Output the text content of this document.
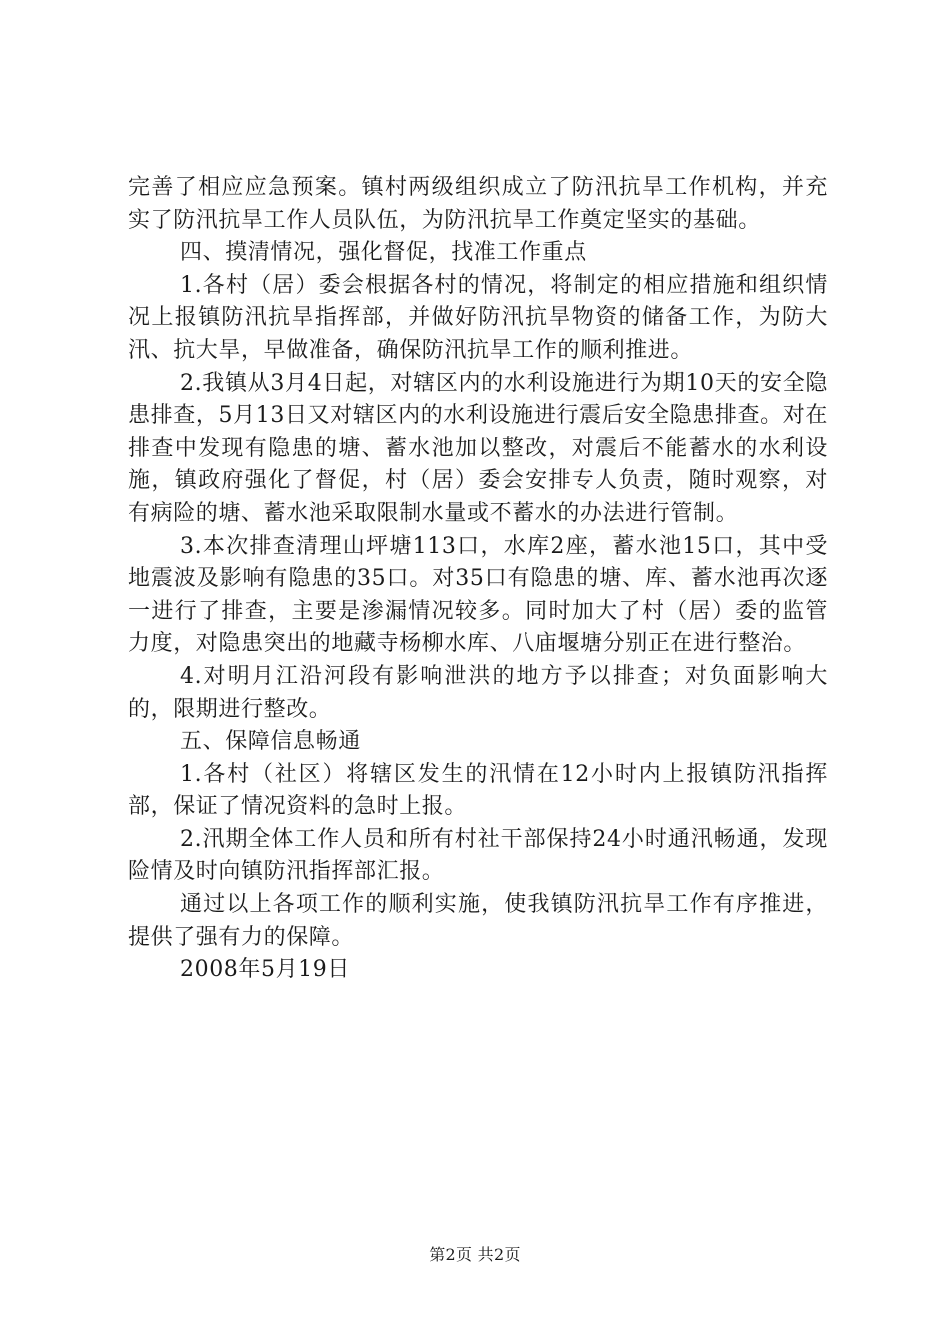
完善了相应应急预案。镇村两级组织成立了防汛抗旱工作机构，并充实了防汛抗旱工作人员队伍，为防汛抗旱工作奠定坚实的基础。

四、摸清情况，强化督促，找准工作重点

1.各村（居）委会根据各村的情况，将制定的相应措施和组织情况上报镇防汛抗旱指挥部，并做好防汛抗旱物资的储备工作，为防大汛、抗大旱，早做准备，确保防汛抗旱工作的顺利推进。

2.我镇从3月4日起，对辖区内的水利设施进行为期10天的安全隐患排查，5月13日又对辖区内的水利设施进行震后安全隐患排查。对在排查中发现有隐患的塘、蓄水池加以整改，对震后不能蓄水的水利设施，镇政府强化了督促，村（居）委会安排专人负责，随时观察，对有病险的塘、蓄水池采取限制水量或不蓄水的办法进行管制。

3.本次排查清理山坪塘113口，水库2座，蓄水池15口，其中受地震波及影响有隐患的35口。对35口有隐患的塘、库、蓄水池再次逐一进行了排查，主要是渗漏情况较多。同时加大了村（居）委的监管力度，对隐患突出的地藏寺杨柳水库、八庙堰塘分别正在进行整治。

4.对明月江沿河段有影响泄洪的地方予以排查；对负面影响大的，限期进行整改。

五、保障信息畅通

1.各村（社区）将辖区发生的汛情在12小时内上报镇防汛指挥部，保证了情况资料的急时上报。

2.汛期全体工作人员和所有村社干部保持24小时通汛畅通，发现险情及时向镇防汛指挥部汇报。

通过以上各项工作的顺利实施，使我镇防汛抗旱工作有序推进，提供了强有力的保障。

2008年5月19日

第2页 共2页
